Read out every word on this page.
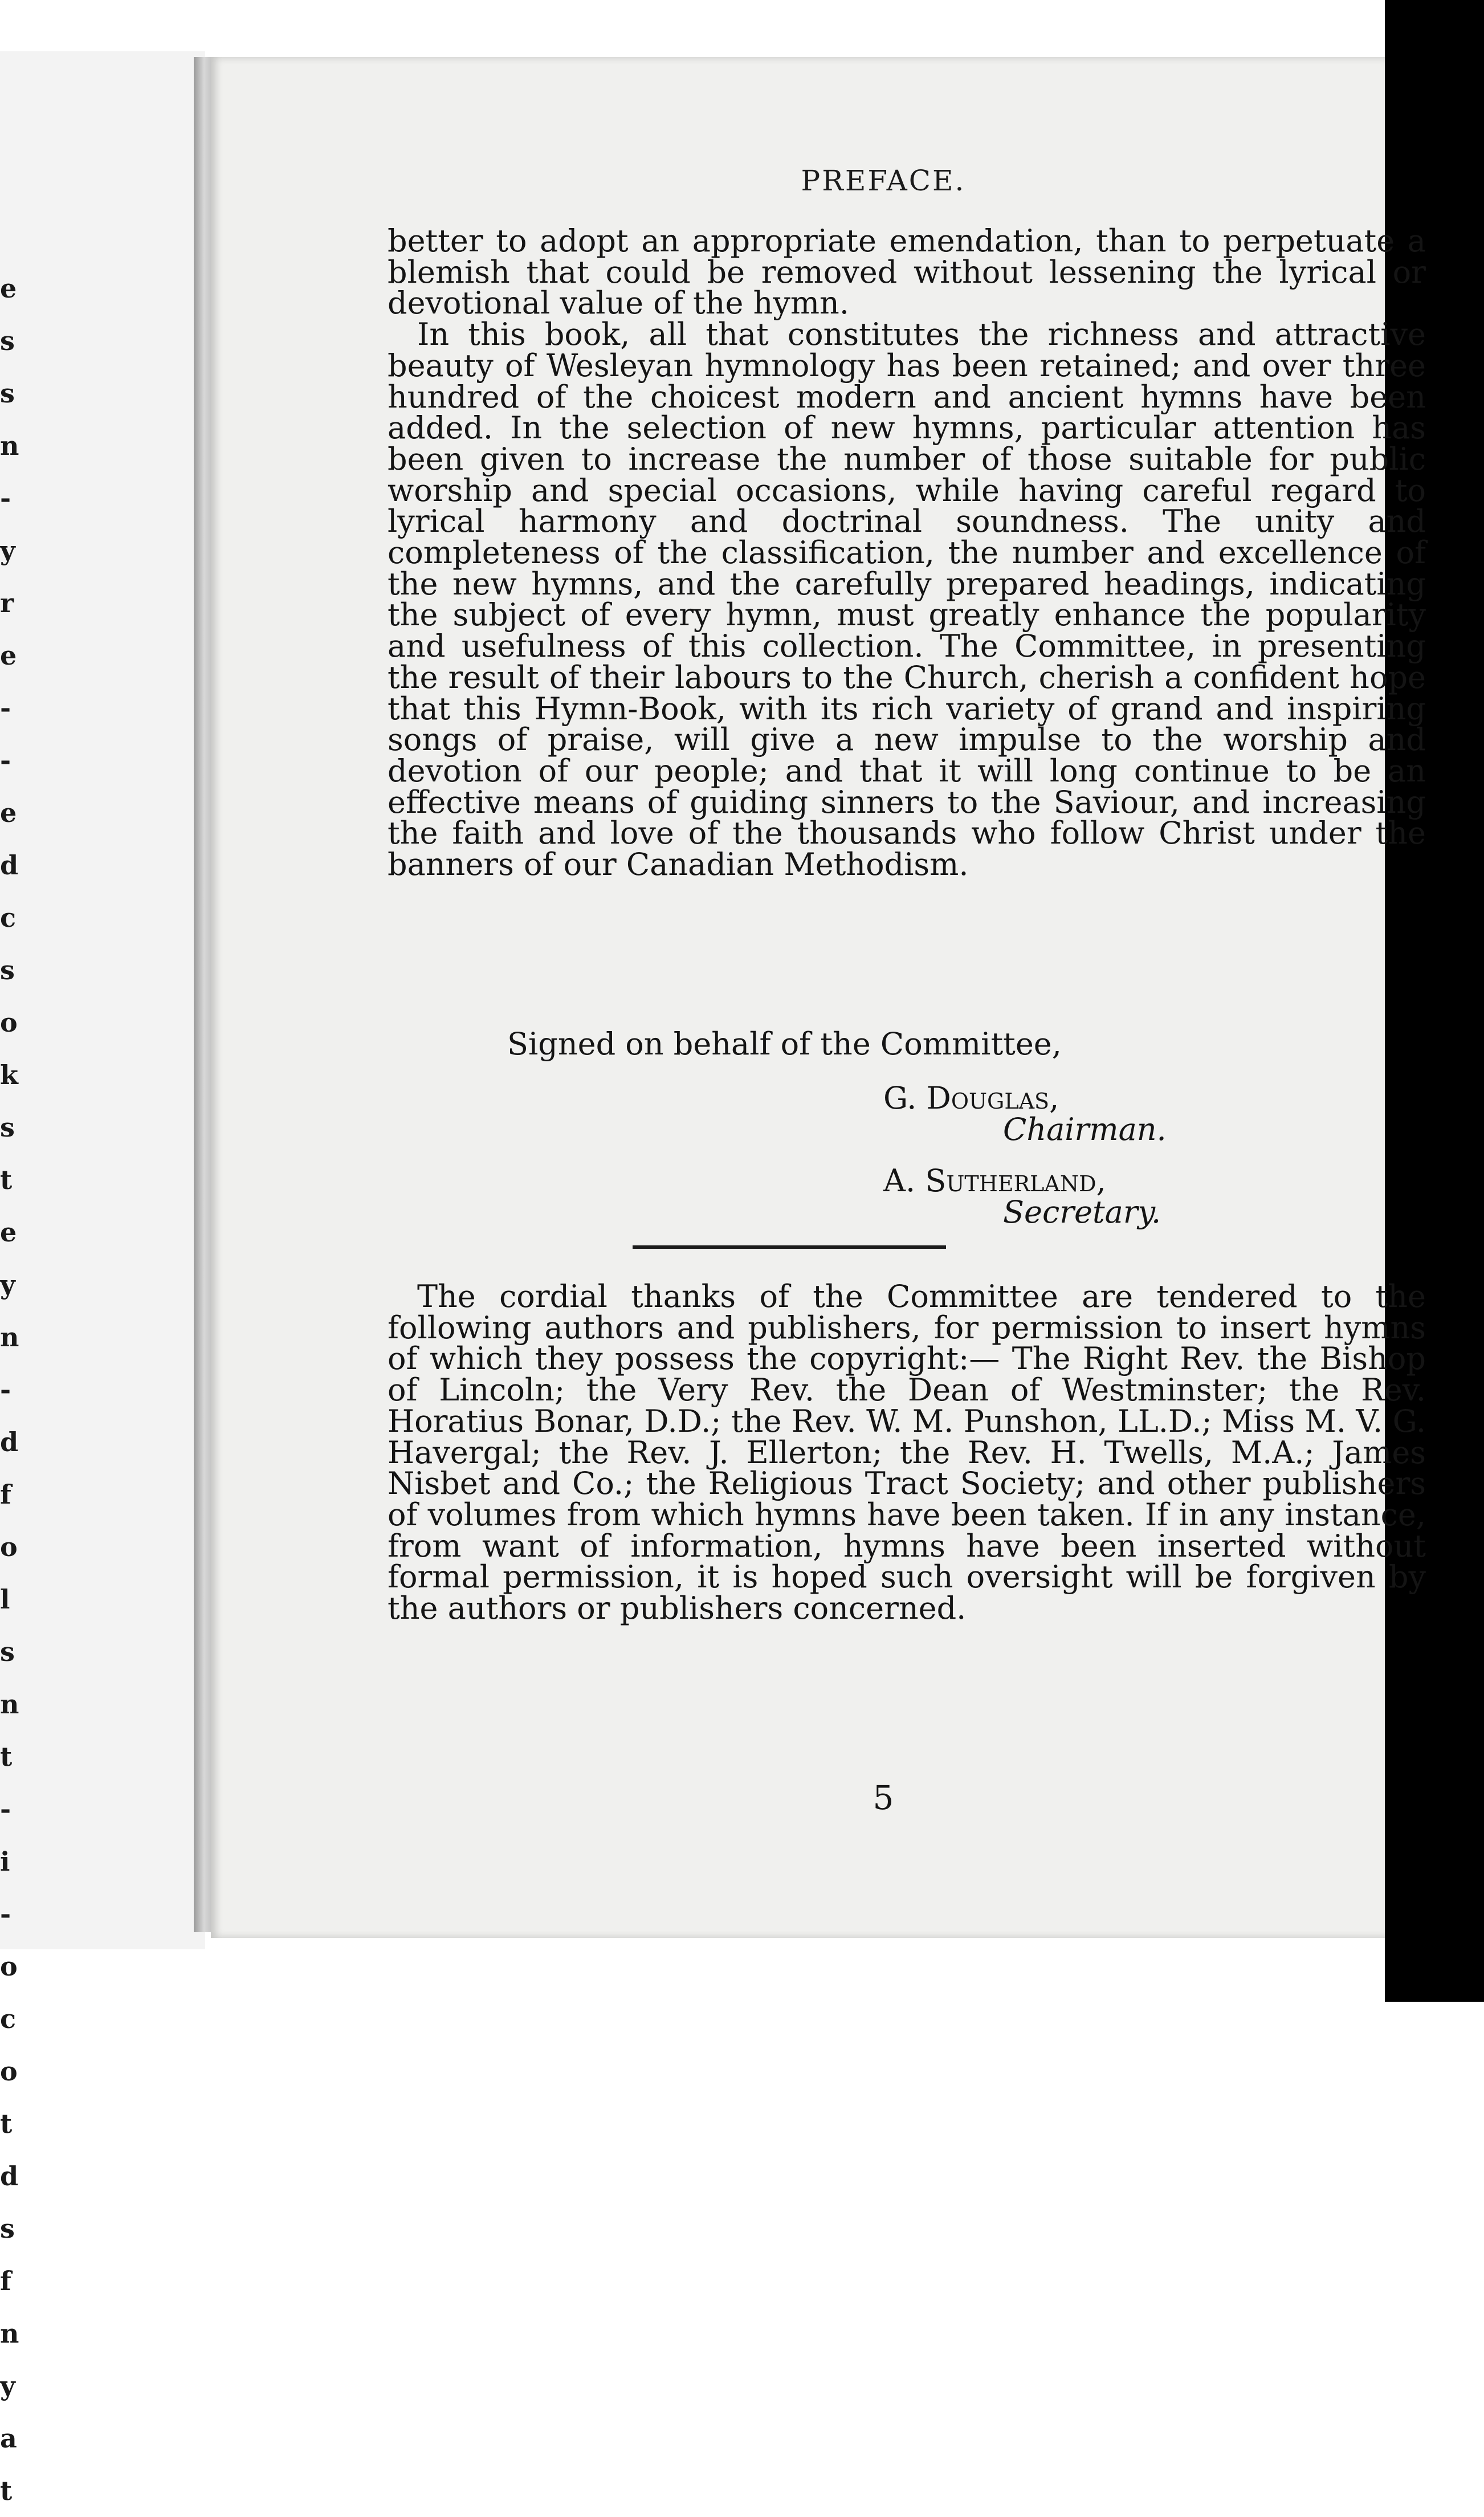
e
s
s
n
-
y
r
e
-
-
e
d
c
s
o
k
s
t
e
y
n
-
d
f
o
l
s
n
t
-
i
-
o
c
o
t
d
s
f
n
y
a
t
PREFACE.

better to adopt an appropriate emendation, than to perpetuate a blemish that could be removed without lessening the lyrical or devotional value of the hymn.

In this book, all that constitutes the richness and attractive beauty of Wesleyan hymnology has been retained; and over three hundred of the choicest modern and ancient hymns have been added. In the selection of new hymns, particular attention has been given to increase the number of those suitable for public worship and special occasions, while having careful regard to lyrical harmony and doctrinal soundness. The unity and completeness of the classification, the number and excellence of the new hymns, and the carefully prepared headings, indicating the subject of every hymn, must greatly enhance the popularity and usefulness of this collection. The Committee, in presenting the result of their labours to the Church, cherish a confident hope that this Hymn-Book, with its rich variety of grand and inspiring songs of praise, will give a new impulse to the worship and devotion of our people; and that it will long continue to be an effective means of guiding sinners to the Saviour, and increasing the faith and love of the thousands who follow Christ under the banners of our Canadian Methodism.

Signed on behalf of the Committee,
G. Douglas,
Chairman.
A. Sutherland,
Secretary.

The cordial thanks of the Committee are tendered to the following authors and publishers, for permission to insert hymns of which they possess the copyright:— The Right Rev. the Bishop of Lincoln; the Very Rev. the Dean of Westminster; the Rev. Horatius Bonar, D.D.; the Rev. W. M. Punshon, LL.D.; Miss M. V. G. Havergal; the Rev. J. Ellerton; the Rev. H. Twells, M.A.; James Nisbet and Co.; the Religious Tract Society; and other publishers of volumes from which hymns have been taken. If in any instance, from want of information, hymns have been inserted without formal permission, it is hoped such oversight will be forgiven by the authors or publishers concerned.

5
